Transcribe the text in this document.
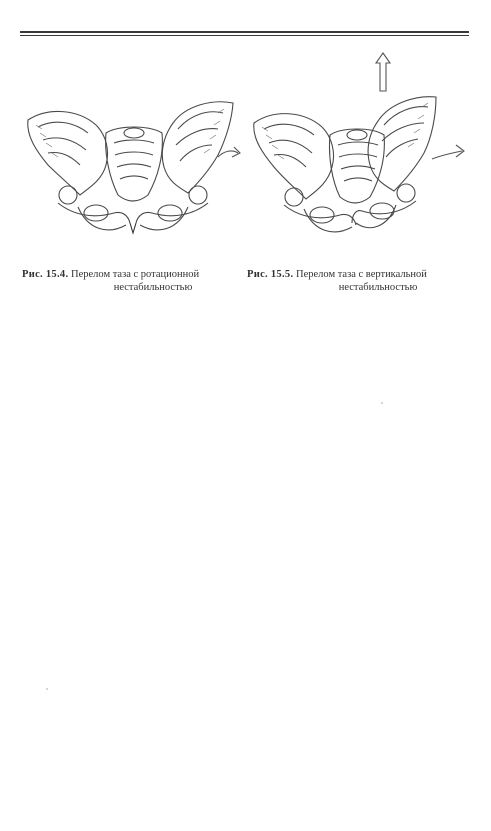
Рис. 15.4. Перелом таза с ротационной
нестабильностью
Рис. 15.5. Перелом таза с вертикальной
нестабильностью
